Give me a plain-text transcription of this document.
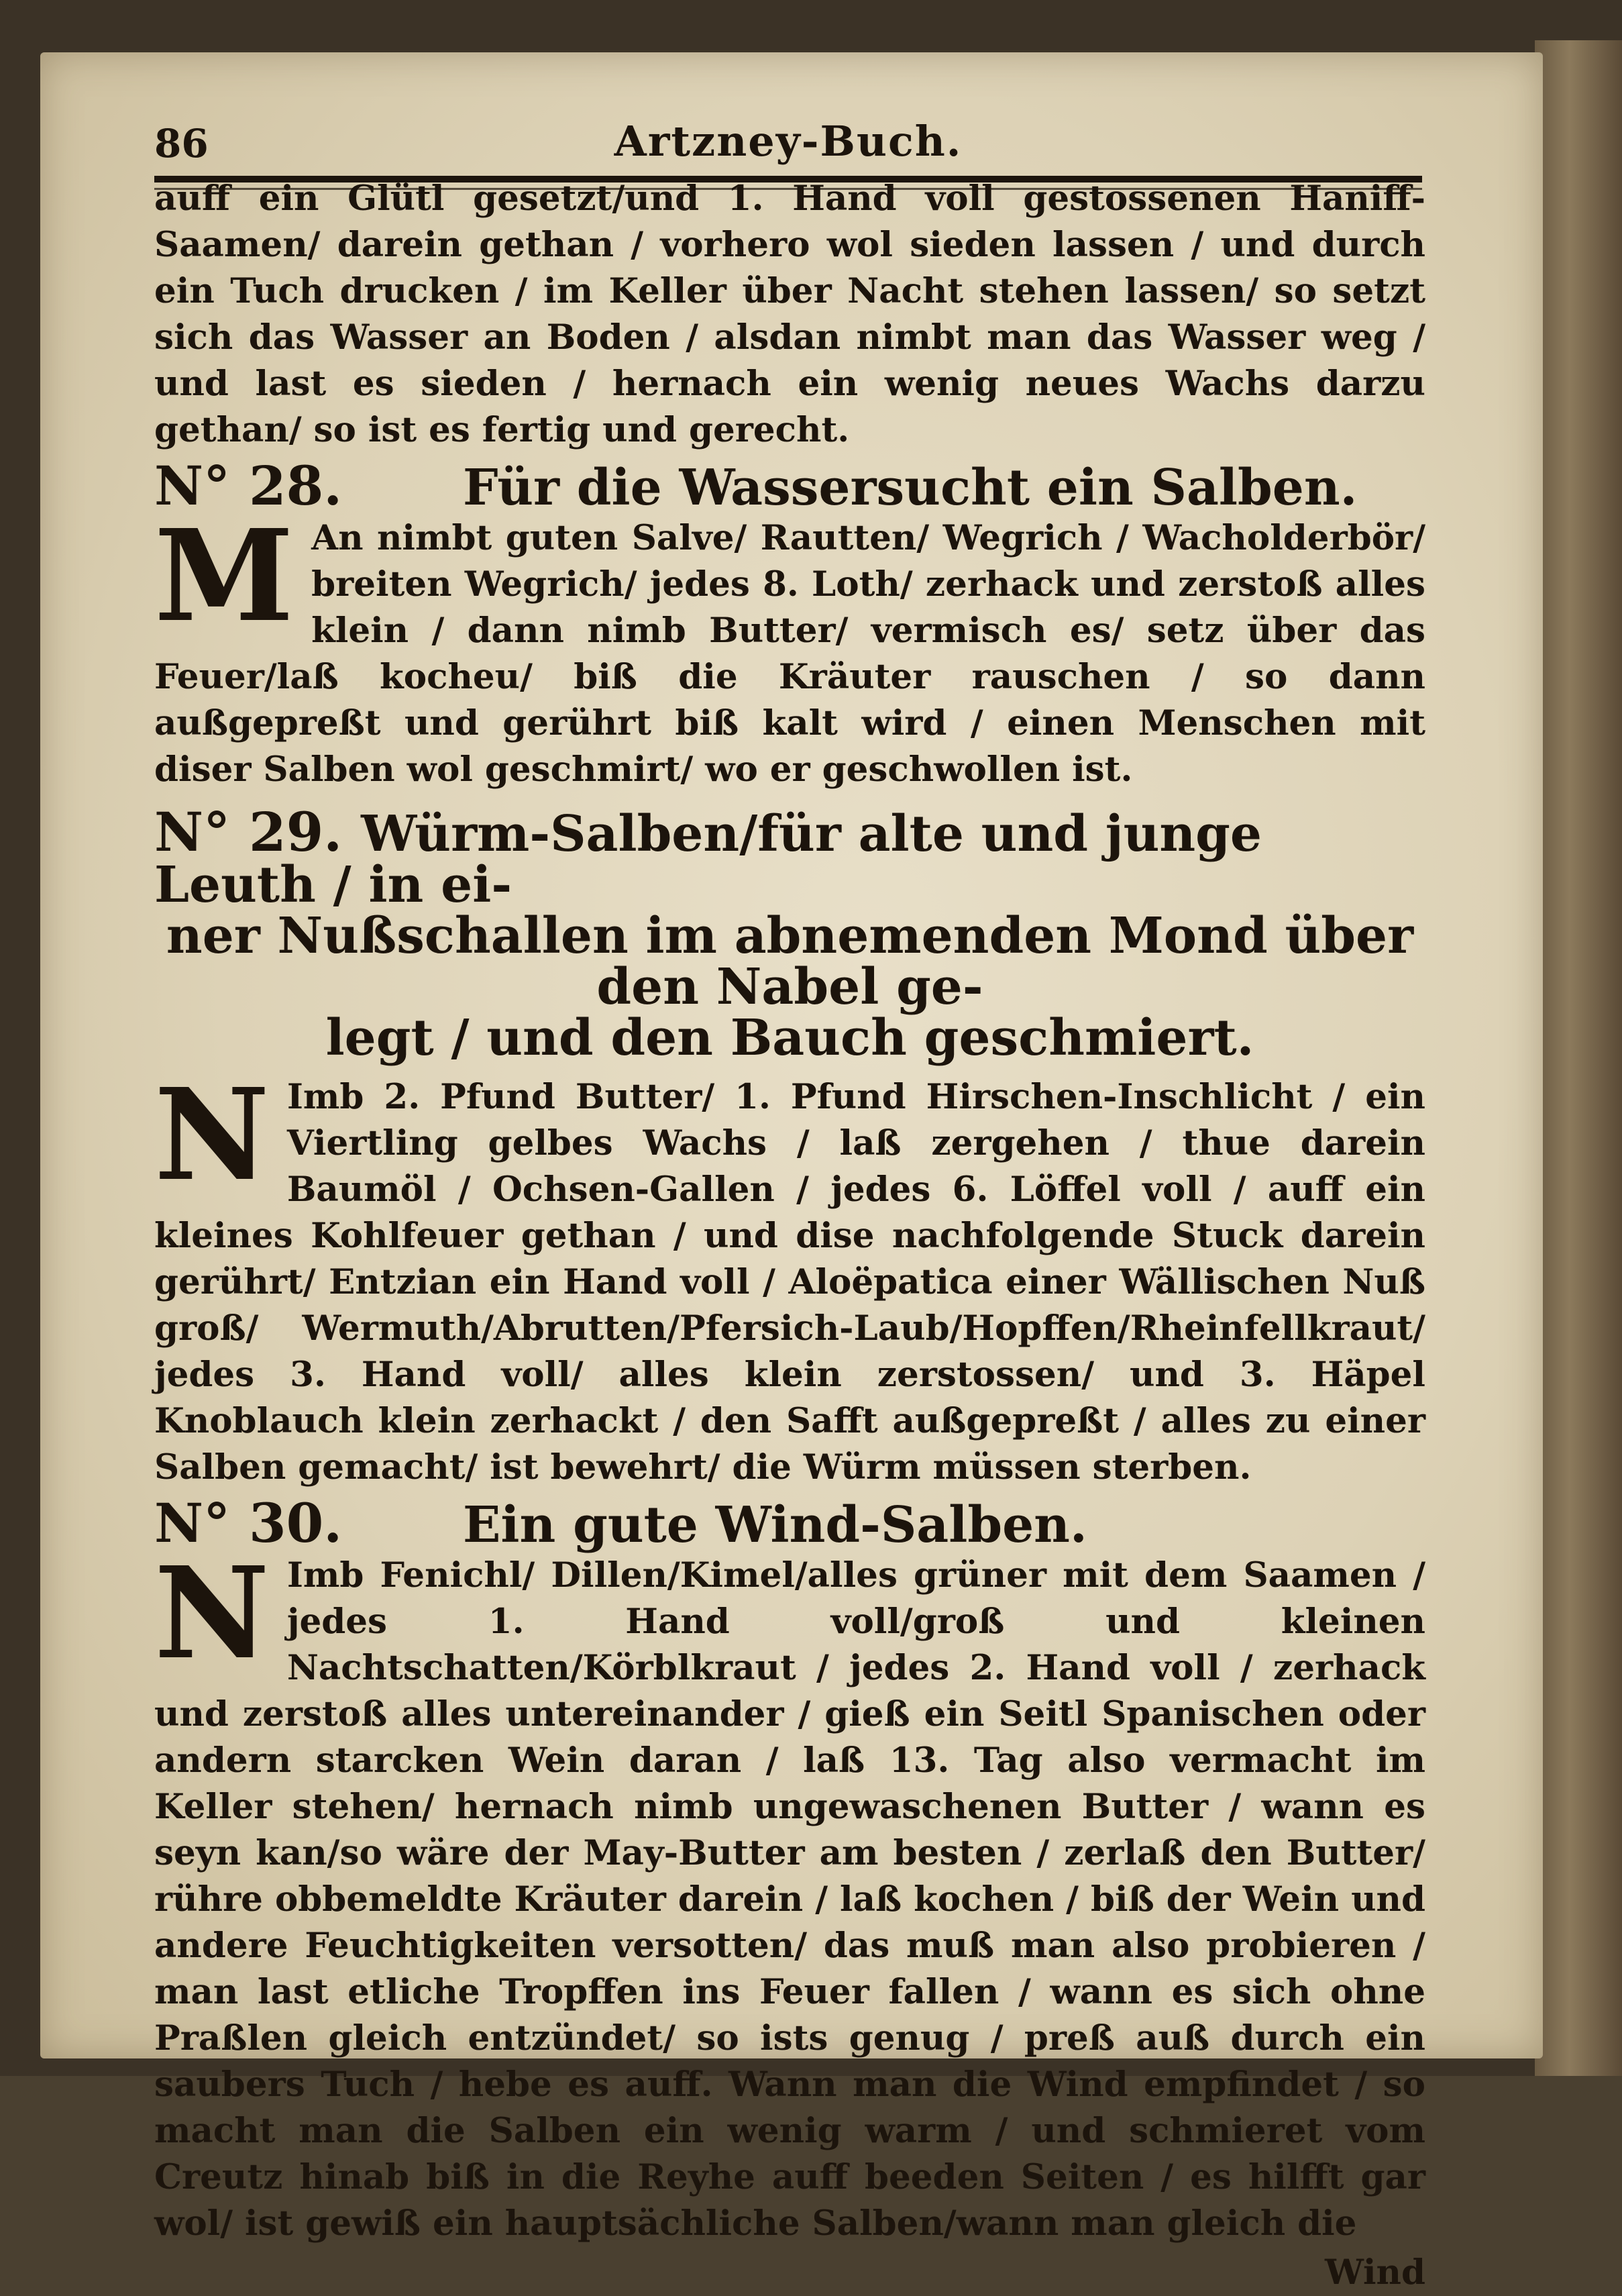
86	Artzney-Buch.

auff ein Glütl gesetzt/und 1. Hand voll gestossenen Haniff-Saamen/ darein gethan / vorhero wol sieden lassen / und durch ein Tuch drucken / im Keller über Nacht stehen lassen/ so setzt sich das Wasser an Boden / alsdan nimbt man das Wasser weg / und last es sieden / hernach ein wenig neues Wachs darzu gethan/ so ist es fertig und gerecht.

N° 28.	Für die Wassersucht ein Salben.

M An nimbt guten Salve/ Rautten/ Wegrich / Wacholderbör/ breiten Wegrich/ jedes 8. Loth/ zerhack und zerstoß alles klein / dann nimb Butter/ vermisch es/ setz über das Feuer/laß kocheu/ biß die Kräuter rauschen / so dann außgepreßt und gerührt biß kalt wird / einen Menschen mit diser Salben wol geschmirt/ wo er geschwollen ist.

N° 29. Würm-Salben/für alte und junge Leuth / in ei-
ner Nußschallen im abnemenden Mond über den Nabel ge-
legt / und den Bauch geschmiert.

N Imb 2. Pfund Butter/ 1. Pfund Hirschen-Inschlicht / ein Viertling gelbes Wachs / laß zergehen / thue darein Baumöl / Ochsen-Gallen / jedes 6. Löffel voll / auff ein kleines Kohlfeuer gethan / und dise nachfolgende Stuck darein gerührt/ Entzian ein Hand voll / Aloëpatica einer Wällischen Nuß groß/ Wermuth/Abrutten/Pfersich-Laub/Hopffen/Rheinfellkraut/ jedes 3. Hand voll/ alles klein zerstossen/ und 3. Häpel Knoblauch klein zerhackt / den Safft außgepreßt / alles zu einer Salben gemacht/ ist bewehrt/ die Würm müssen sterben.

N° 30.	Ein gute Wind-Salben.

N Imb Fenichl/ Dillen/Kimel/alles grüner mit dem Saamen / jedes 1. Hand voll/groß und kleinen Nachtschatten/Körblkraut / jedes 2. Hand voll / zerhack und zerstoß alles untereinander / gieß ein Seitl Spanischen oder andern starcken Wein daran / laß 13. Tag also vermacht im Keller stehen/ hernach nimb ungewaschenen Butter / wann es seyn kan/so wäre der May-Butter am besten / zerlaß den Butter/ rühre obbemeldte Kräuter darein / laß kochen / biß der Wein und andere Feuchtigkeiten versotten/ das muß man also probieren / man last etliche Tropffen ins Feuer fallen / wann es sich ohne Praßlen gleich entzündet/ so ists genug / preß auß durch ein saubers Tuch / hebe es auff. Wann man die Wind empfindet / so macht man die Salben ein wenig warm / und schmieret vom Creutz hinab biß in die Reyhe auff beeden Seiten / es hilfft gar wol/ ist gewiß ein hauptsächliche Salben/wann man gleich die

Wind
